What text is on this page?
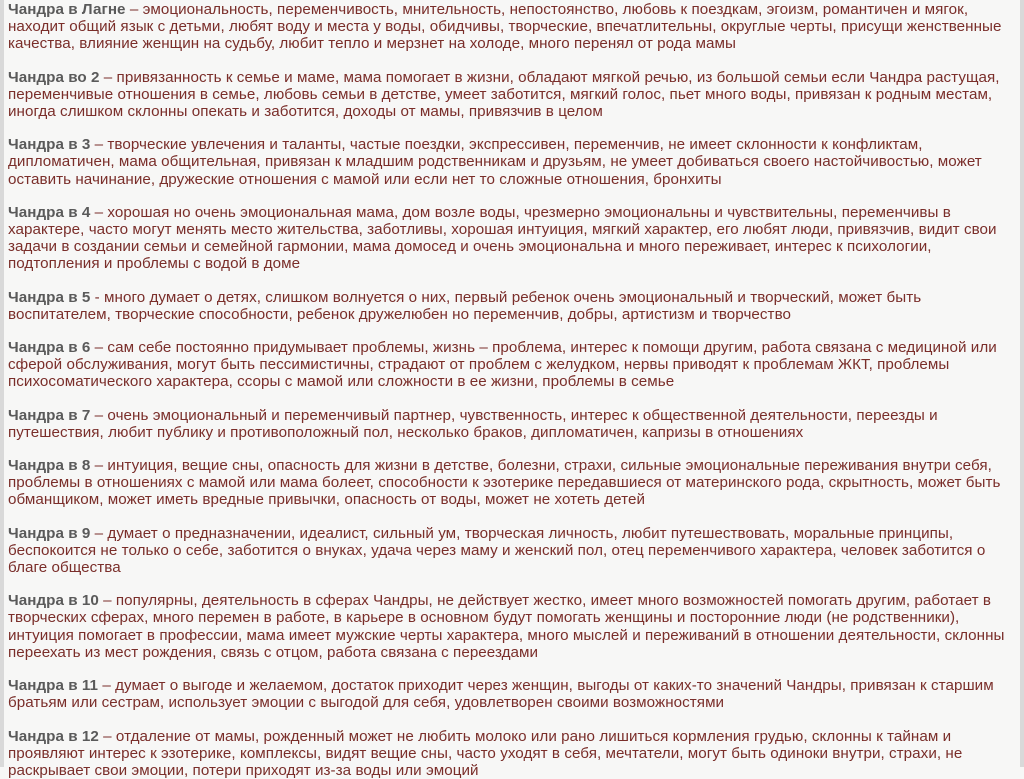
Чандра в Лагне – эмоциональность, переменчивость, мнительность, непостоянство, любовь к поездкам, эгоизм, романтичен и мягок, находит общий язык с детьми, любят воду и места у воды, обидчивы, творческие, впечатлительны, округлые черты, присущи женственные качества, влияние женщин на судьбу, любит тепло и мерзнет на холоде, много перенял от рода мамы

Чандра во 2 – привязанность к семье и маме, мама помогает в жизни, обладают мягкой речью, из большой семьи если Чандра растущая, переменчивые отношения в семье, любовь семьи в детстве, умеет заботится, мягкий голос, пьет много воды, привязан к родным местам, иногда слишком склонны опекать и заботится, доходы от мамы, привязчив в целом

Чандра в 3 – творческие увлечения и таланты, частые поездки, экспрессивен, переменчив, не имеет склонности к конфликтам, дипломатичен, мама общительная, привязан к младшим родственникам и друзьям, не умеет добиваться своего настойчивостью, может оставить начинание, дружеские отношения с мамой или если нет то сложные отношения, бронхиты

Чандра в 4 – хорошая но очень эмоциональная мама, дом возле воды, чрезмерно эмоциональны и чувствительны, переменчивы в характере, часто могут менять место жительства, заботливы, хорошая интуиция, мягкий характер, его любят люди, привязчив, видит свои задачи в создании семьи и семейной гармонии, мама домосед и очень эмоциональна и много переживает, интерес к психологии, подтопления и проблемы с водой в доме

Чандра в 5 - много думает о детях, слишком волнуется о них, первый ребенок очень эмоциональный и творческий, может быть воспитателем, творческие способности, ребенок дружелюбен но переменчив, добры, артистизм и творчество

Чандра в 6 – сам себе постоянно придумывает проблемы, жизнь – проблема, интерес к помощи другим, работа связана с медициной или сферой обслуживания, могут быть пессимистичны, страдают от проблем с желудком, нервы приводят к проблемам ЖКТ, проблемы психосоматического характера, ссоры с мамой или сложности в ее жизни, проблемы в семье

Чандра в 7 – очень эмоциональный и переменчивый партнер, чувственность, интерес к общественной деятельности, переезды и путешествия, любит публику и противоположный пол, несколько браков, дипломатичен, капризы в отношениях

Чандра в 8 – интуиция, вещие сны, опасность для жизни в детстве, болезни, страхи, сильные эмоциональные переживания внутри себя, проблемы в отношениях с мамой или мама болеет, способности к эзотерике передавшиеся от материнского рода, скрытность, может быть обманщиком, может иметь вредные привычки, опасность от воды, может не хотеть детей

Чандра в 9 – думает о предназначении, идеалист, сильный ум, творческая личность, любит путешествовать, моральные принципы, беспокоится не только о себе, заботится о внуках, удача через маму и женский пол, отец переменчивого характера, человек заботится о благе общества

Чандра в 10 – популярны, деятельность в сферах Чандры, не действует жестко, имеет много возможностей помогать другим, работает в творческих сферах, много перемен в работе, в карьере в основном будут помогать женщины и посторонние люди (не родственники), интуиция помогает в профессии, мама имеет мужские черты характера, много мыслей и переживаний в отношении деятельности, склонны переехать из мест рождения, связь с отцом, работа связана с переездами

Чандра в 11 – думает о выгоде и желаемом, достаток приходит через женщин, выгоды от каких-то значений Чандры, привязан к старшим братьям или сестрам, использует эмоции с выгодой для себя, удовлетворен своими возможностями

Чандра в 12 – отдаление от мамы, рожденный может не любить молоко или рано лишиться кормления грудью, склонны к тайнам и проявляют интерес к эзотерике, комплексы, видят вещие сны, часто уходят в себя, мечтатели, могут быть одиноки внутри, страхи, не раскрывает свои эмоции, потери приходят из-за воды или эмоций
